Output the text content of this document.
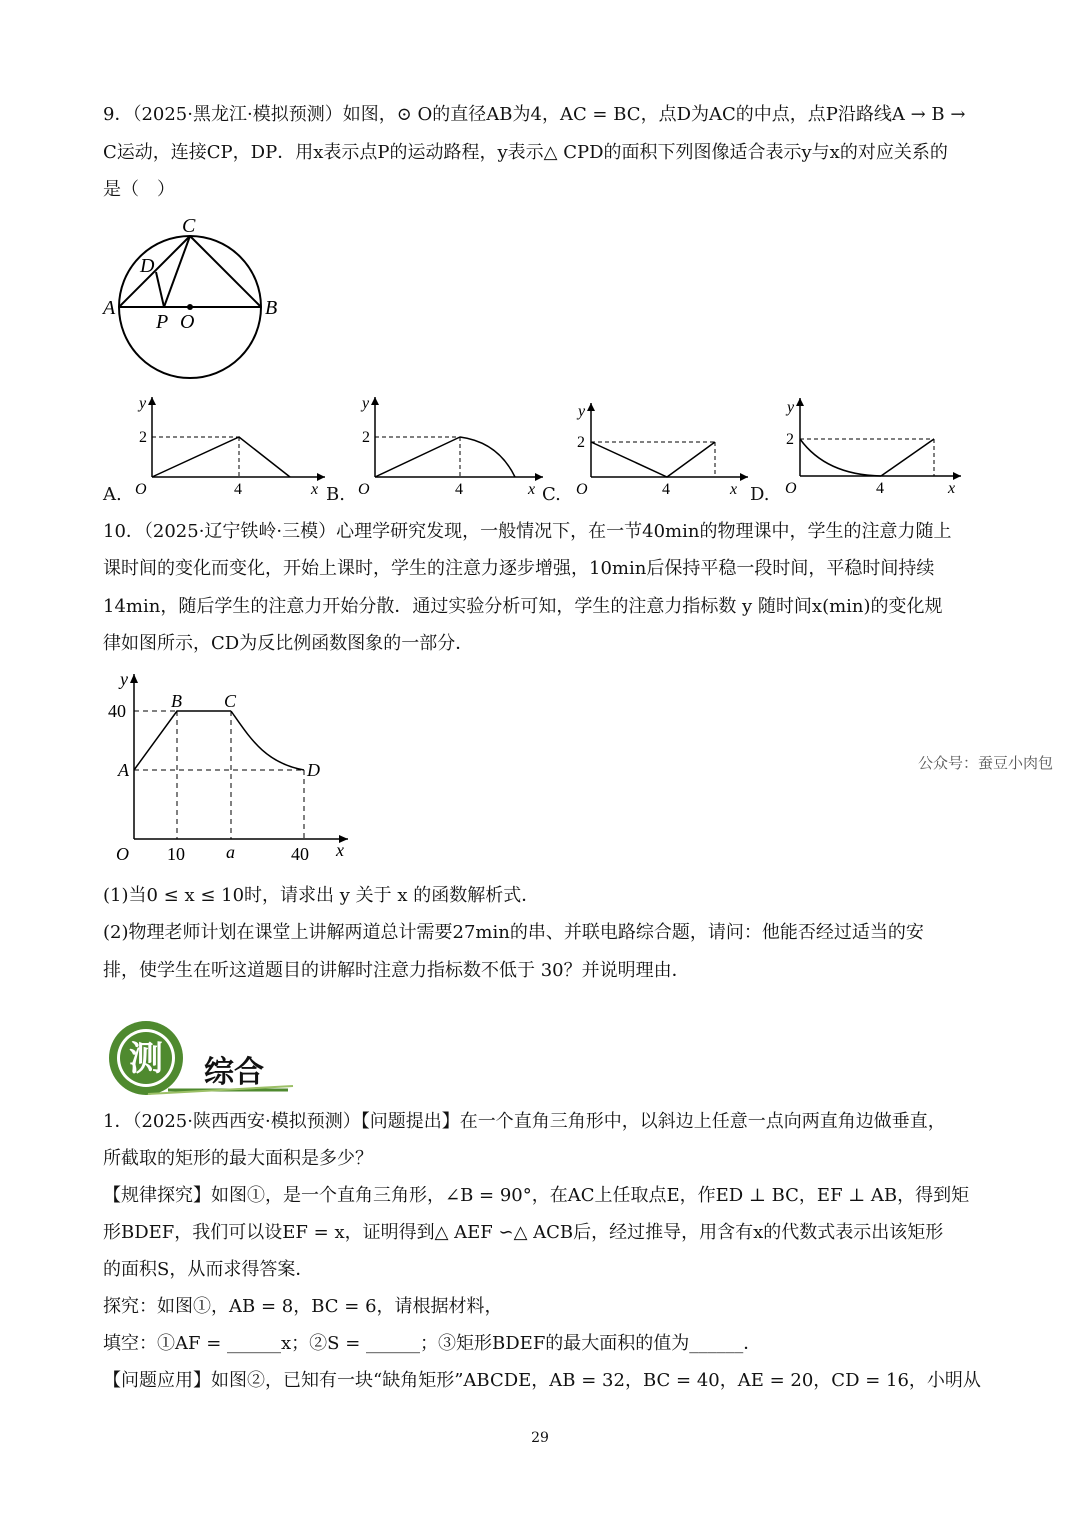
9．（2025·黑龙江·模拟预测）如图，⊙ O的直径AB为4，AC = BC，点D为AC的中点，点P沿路线A → B →
C运动，连接CP，DP．用x表示点P的运动路程，y表示△ CPD的面积下列图像适合表示y与x的对应关系的
是（　）
C
D
A	B
P O
y
2
O	4	x
A.
y
2
O	4	x
B.
y
2
O	4	x
C.
y
2
O	4	x
D.
10．（2025·辽宁铁岭·三模）心理学研究发现，一般情况下，在一节40min的物理课中，学生的注意力随上
课时间的变化而变化，开始上课时，学生的注意力逐步增强，10min后保持平稳一段时间，平稳时间持续
14min，随后学生的注意力开始分散．通过实验分析可知，学生的注意力指标数 y 随时间x(min)的变化规
律如图所示，CD为反比例函数图象的一部分．
y
40
A
B C
D
O 10 a	40 x
公众号：蚕豆小肉包
(1)当0 ≤ x ≤ 10时，请求出 y 关于 x 的函数解析式．
(2)物理老师计划在课堂上讲解两道总计需要27min的串、并联电路综合题，请问：他能否经过适当的安
排，使学生在听这道题目的讲解时注意力指标数不低于 30？并说明理由．
测 综合
1．（2025·陕西西安·模拟预测）【问题提出】在一个直角三角形中，以斜边上任意一点向两直角边做垂直，
所截取的矩形的最大面积是多少？
【规律探究】如图①，是一个直角三角形，∠B = 90°，在AC上任取点E，作ED ⊥ BC，EF ⊥ AB，得到矩
形BDEF，我们可以设EF = x，证明得到△ AEF ∽△ ACB后，经过推导，用含有x的代数式表示出该矩形
的面积S，从而求得答案．
探究：如图①，AB = 8，BC = 6，请根据材料，
填空：①AF = ______x；②S = ______；③矩形BDEF的最大面积的值为______．
【问题应用】如图②，已知有一块“缺角矩形”ABCDE，AB = 32，BC = 40，AE = 20，CD = 16，小明从
29
